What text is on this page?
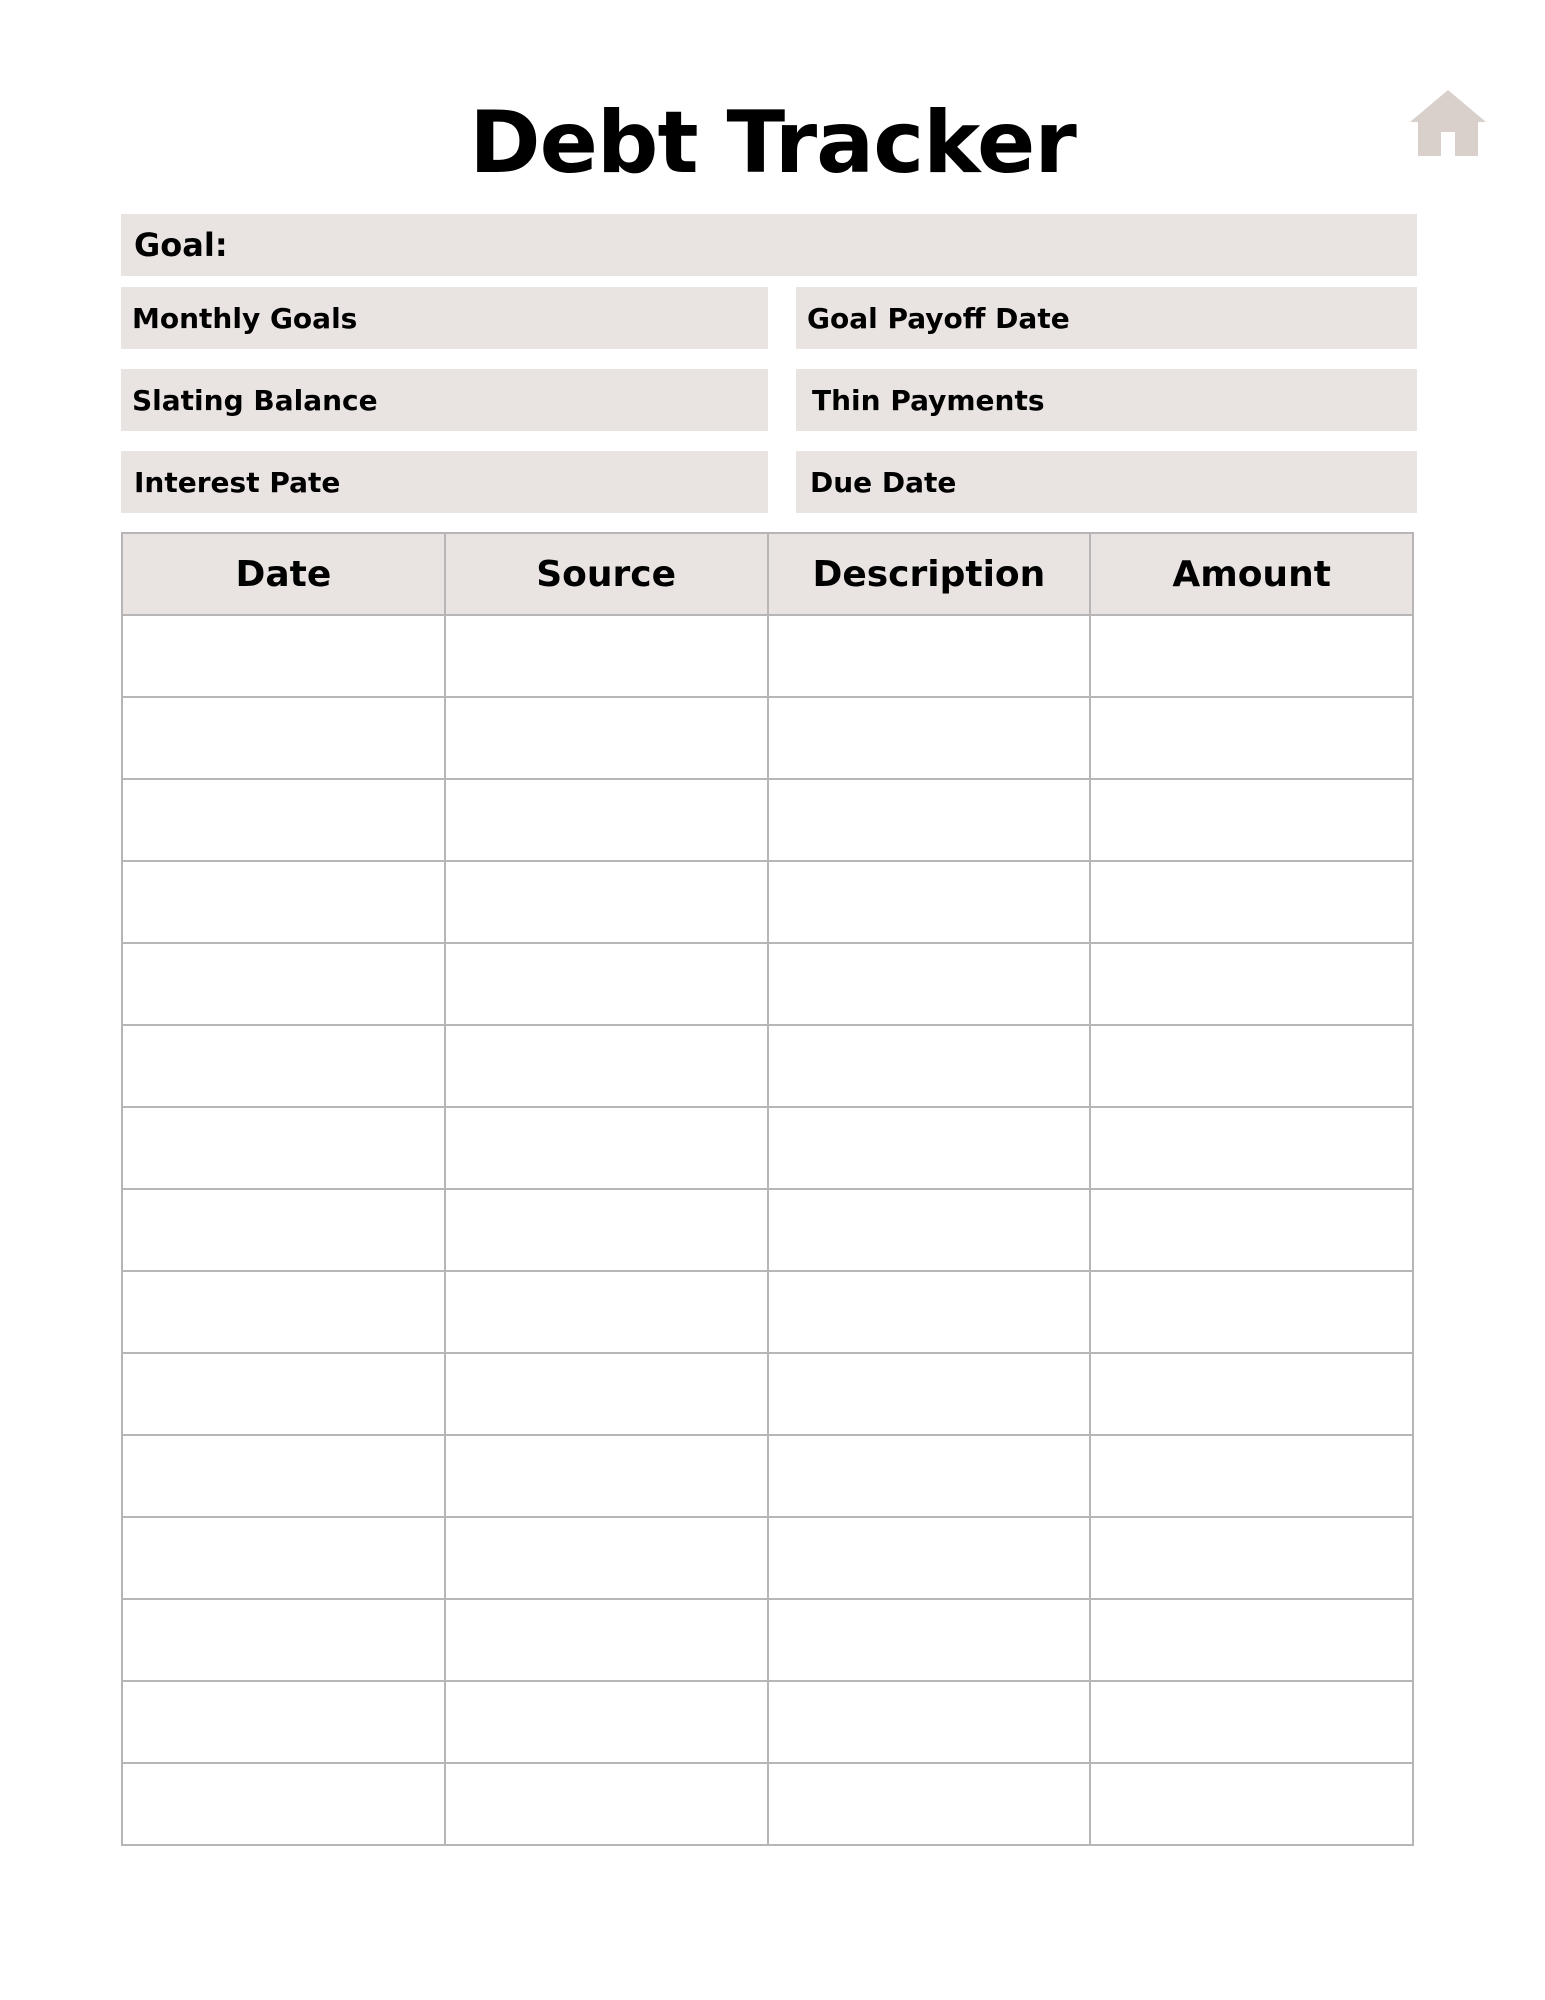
Debt Tracker
Goal:
Monthly Goals	Goal Payoff Date
Slating Balance	Thin Payments
Interest Pate	Due Date
Date	Source	Description	Amount
